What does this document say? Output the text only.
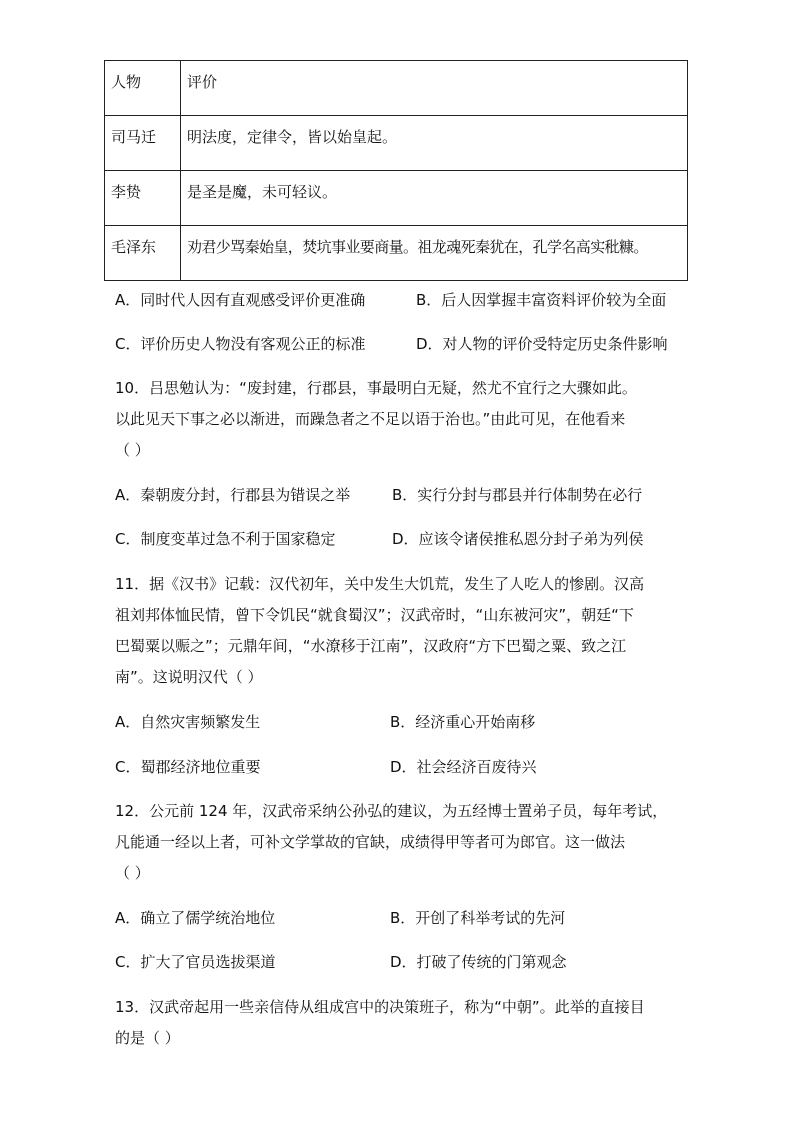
人物	评价
司马迁	明法度，定律令，皆以始皇起。
李贽	是圣是魔，未可轻议。
毛泽东	劝君少骂秦始皇，焚坑事业要商量。祖龙魂死秦犹在，孔学名高实秕糠。
A．同时代人因有直观感受评价更准确	B．后人因掌握丰富资料评价较为全面
C．评价历史人物没有客观公正的标准	D．对人物的评价受特定历史条件影响
10．吕思勉认为：“废封建，行郡县，事最明白无疑，然尤不宜行之大骤如此。
以此见天下事之必以渐进，而躁急者之不足以语于治也。”由此可见，在他看来
（ ）
A．秦朝废分封，行郡县为错误之举	B．实行分封与郡县并行体制势在必行
C．制度变革过急不利于国家稳定	D．应该令诸侯推私恩分封子弟为列侯
11．据《汉书》记载：汉代初年，关中发生大饥荒，发生了人吃人的惨剧。汉高
祖刘邦体恤民情，曾下令饥民“就食蜀汉”；汉武帝时，“山东被河灾”，朝廷“下
巴蜀粟以赈之”；元鼎年间，“水潦移于江南”，汉政府“方下巴蜀之粟、致之江
南”。这说明汉代（ ）
A．自然灾害频繁发生	B．经济重心开始南移
C．蜀郡经济地位重要	D．社会经济百废待兴
12．公元前 124 年，汉武帝采纳公孙弘的建议，为五经博士置弟子员，每年考试，
凡能通一经以上者，可补文学掌故的官缺，成绩得甲等者可为郎官。这一做法
（ ）
A．确立了儒学统治地位	B．开创了科举考试的先河
C．扩大了官员选拔渠道	D．打破了传统的门第观念
13．汉武帝起用一些亲信侍从组成宫中的决策班子，称为“中朝”。此举的直接目
的是（ ）
